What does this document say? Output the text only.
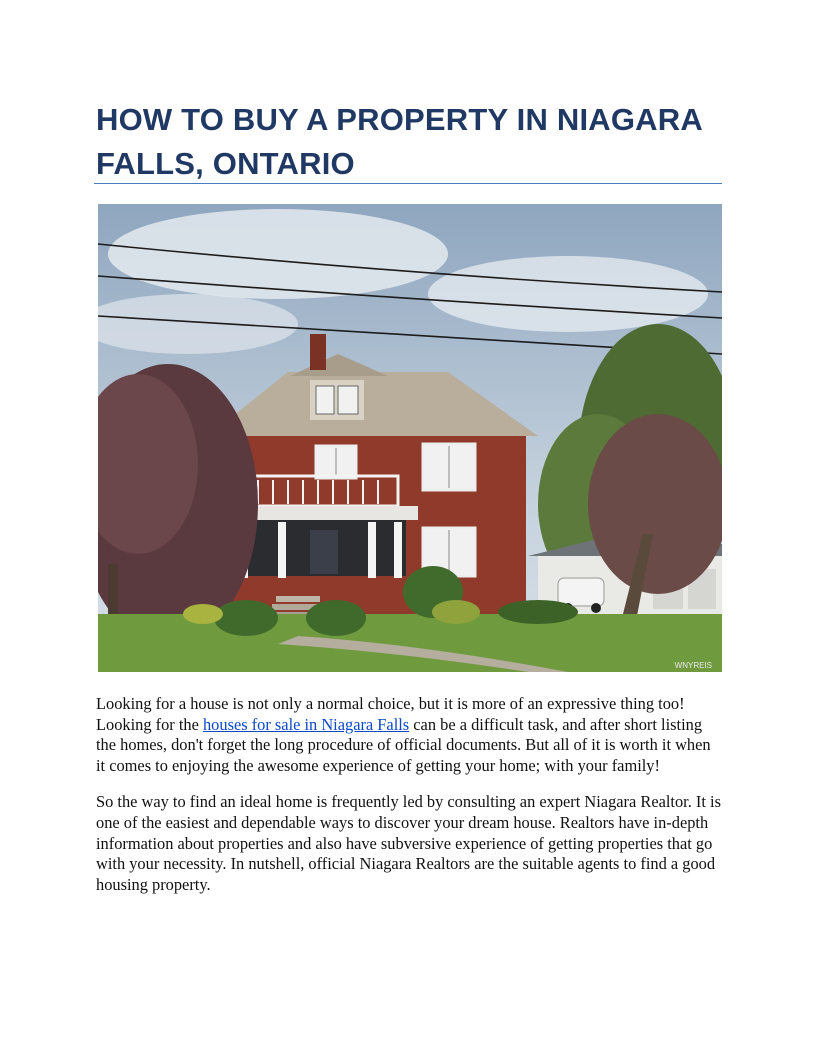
HOW TO BUY A PROPERTY IN NIAGARA
FALLS, ONTARIO
WNYREIS

Looking for a house is not only a normal choice, but it is more of an expressive thing too! Looking for the houses for sale in Niagara Falls can be a difficult task, and after short listing the homes, don't forget the long procedure of official documents. But all of it is worth it when it comes to enjoying the awesome experience of getting your home; with your family!

So the way to find an ideal home is frequently led by consulting an expert Niagara Realtor. It is one of the easiest and dependable ways to discover your dream house. Realtors have in-depth information about properties and also have subversive experience of getting properties that go with your necessity. In nutshell, official Niagara Realtors are the suitable agents to find a good housing property.
